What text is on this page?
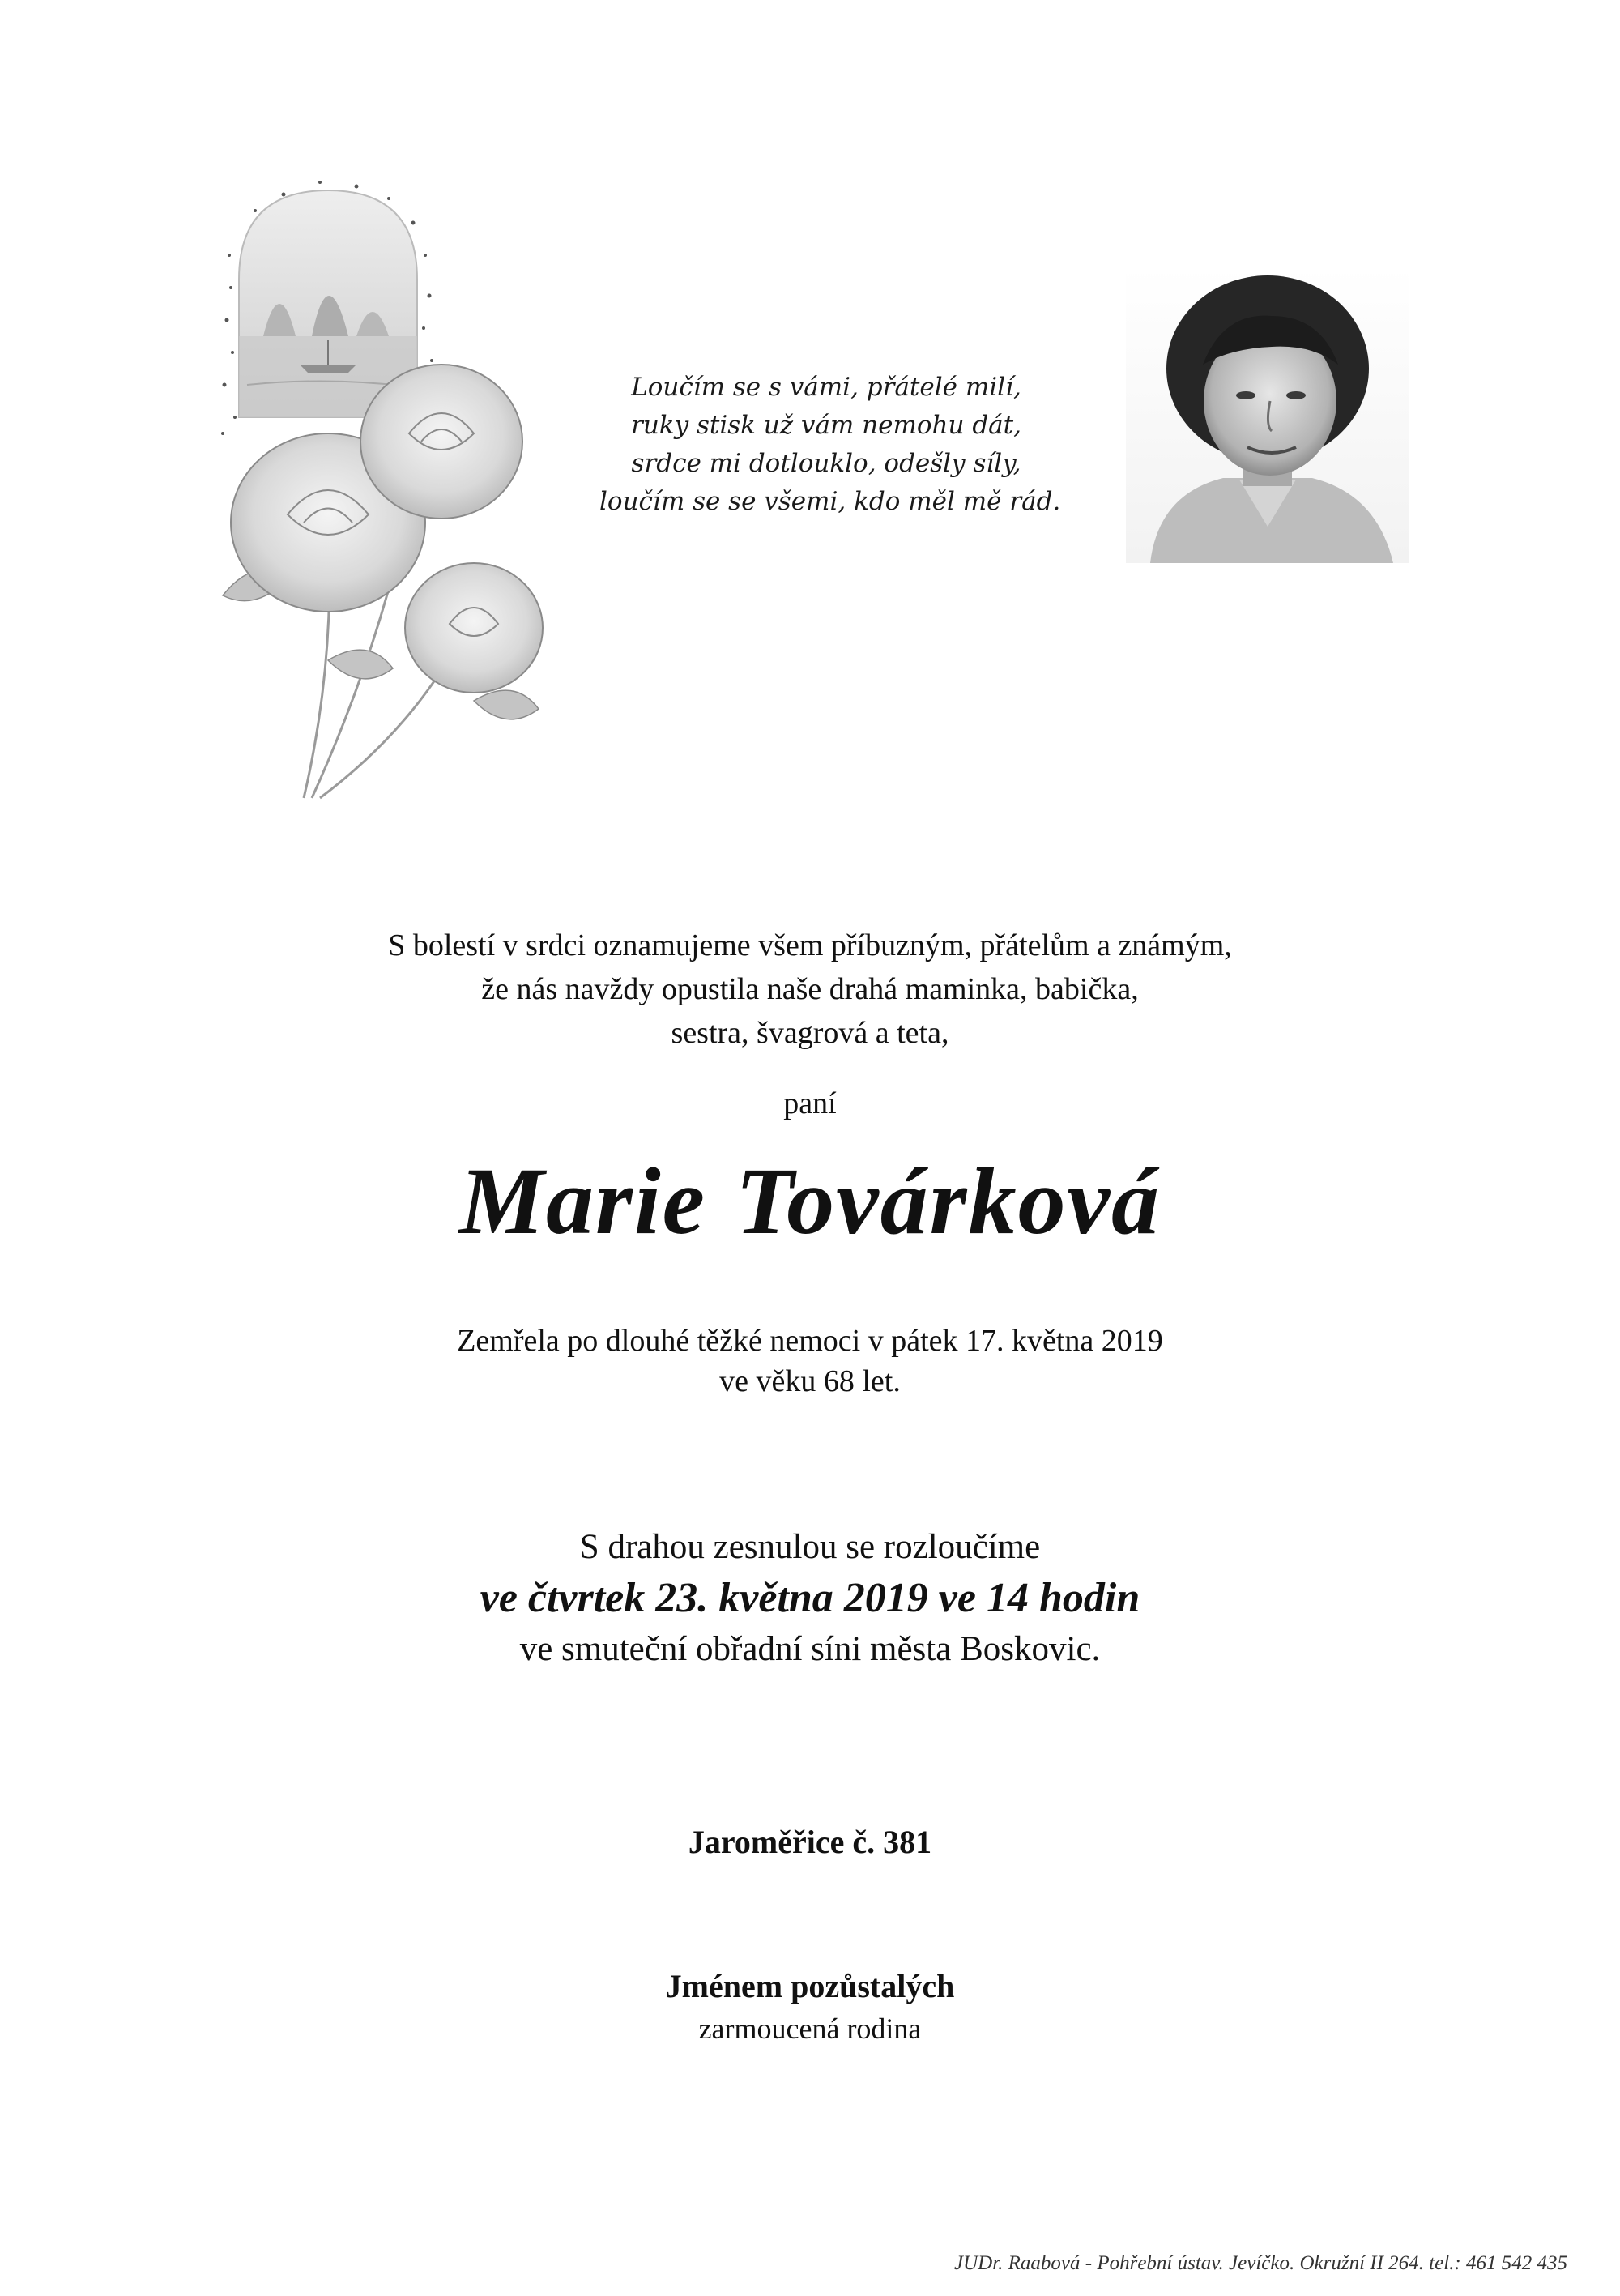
Loučím se s vámi, přátelé milí,
ruky stisk už vám nemohu dát,
srdce mi dotlouklo, odešly síly,
loučím se se všemi, kdo měl mě rád.
S bolestí v srdci oznamujeme všem příbuzným, přátelům a známým,
že nás navždy opustila naše drahá maminka, babička,
sestra, švagrová a teta,
paní
Marie Továrková
Zemřela po dlouhé těžké nemoci v pátek 17. května 2019
ve věku 68 let.
S drahou zesnulou se rozloučíme
ve čtvrtek 23. května 2019 ve 14 hodin
ve smuteční obřadní síni města Boskovic.
Jaroměřice č. 381
Jménem pozůstalých
zarmoucená rodina
JUDr. Raabová - Pohřební ústav. Jevíčko. Okružní II 264. tel.: 461 542 435
